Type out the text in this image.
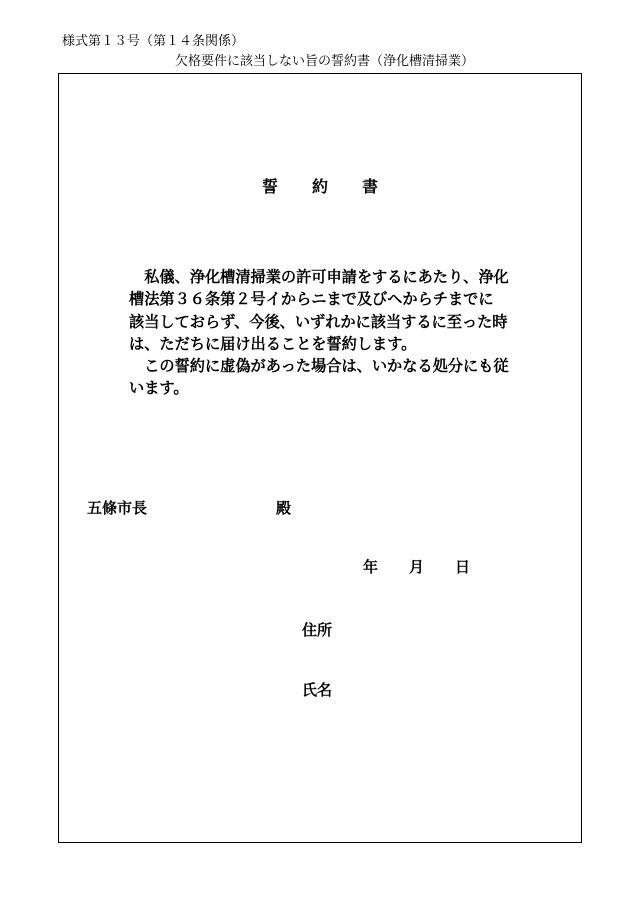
様式第１３号（第１４条関係）
欠格要件に該当しない旨の誓約書（浄化槽清掃業）
誓 約 書
　私儀、浄化槽清掃業の許可申請をするにあたり、浄化
槽法第３６条第２号イからニまで及びヘからチまでに
該当しておらず、今後、いずれかに該当するに至った時
は、ただちに届け出ることを誓約します。
　この誓約に虚偽があった場合は、いかなる処分にも従
います。
五條市長	殿
年 月 日
住所
氏名
